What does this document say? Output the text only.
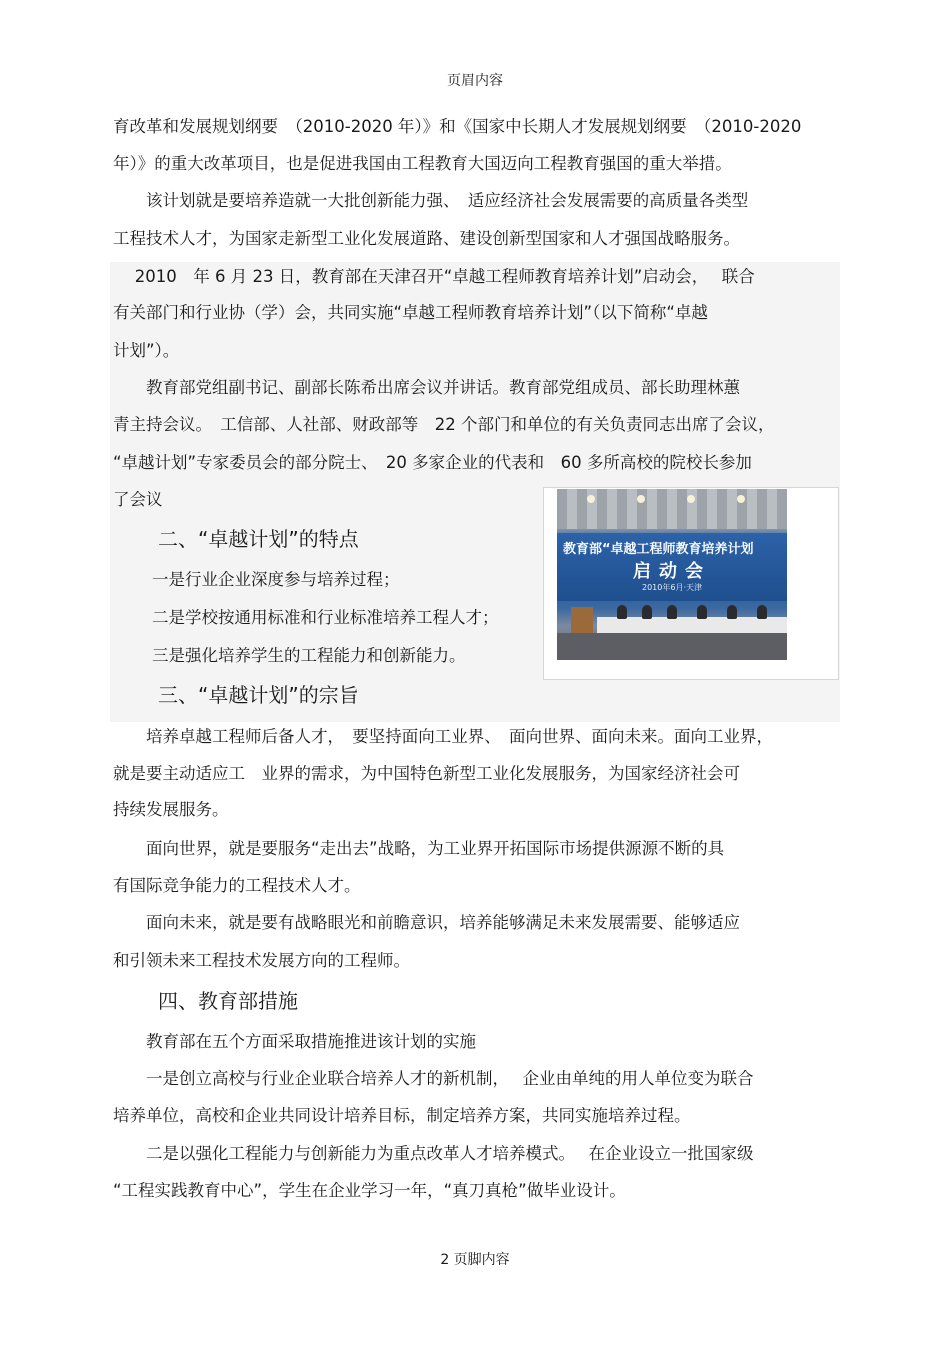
页眉内容
育改革和发展规划纲要　（2010-2020 年）》和《国家中长期人才发展规划纲要　（2010-2020
年）》的重大改革项目，也是促进我国由工程教育大国迈向工程教育强国的重大举措。
　　该计划就是要培养造就一大批创新能力强、　适应经济社会发展需要的高质量各类型
工程技术人才，为国家走新型工业化发展道路、建设创新型国家和人才强国战略服务。
　 2010　年 6 月 23 日，教育部在天津召开“卓越工程师教育培养计划”启动会，　 联合
有关部门和行业协（学）会，共同实施“卓越工程师教育培养计划”（以下简称“卓越
计划”）。
　　教育部党组副书记、副部长陈希出席会议并讲话。教育部党组成员、部长助理林蕙
青主持会议。　工信部、人社部、财政部等　22 个部门和单位的有关负责同志出席了会议，
“卓越计划”专家委员会的部分院士、　20 多家企业的代表和　60 多所高校的院校长参加
了会议
二、“卓越计划”的特点
一是行业企业深度参与培养过程；
二是学校按通用标准和行业标准培养工程人才；
三是强化培养学生的工程能力和创新能力。
三、“卓越计划”的宗旨
　　培养卓越工程师后备人才，　要坚持面向工业界、　面向世界、面向未来。面向工业界，
就是要主动适应工　业界的需求，为中国特色新型工业化发展服务，为国家经济社会可
持续发展服务。
　　面向世界，就是要服务“走出去”战略，为工业界开拓国际市场提供源源不断的具
有国际竞争能力的工程技术人才。
　　面向未来，就是要有战略眼光和前瞻意识，培养能够满足未来发展需要、能够适应
和引领未来工程技术发展方向的工程师。
四、教育部措施
　　教育部在五个方面采取措施推进该计划的实施
　　一是创立高校与行业企业联合培养人才的新机制，　 企业由单纯的用人单位变为联合
培养单位，高校和企业共同设计培养目标，制定培养方案，共同实施培养过程。
　　二是以强化工程能力与创新能力为重点改革人才培养模式。　 在企业设立一批国家级
“工程实践教育中心”，学生在企业学习一年，“真刀真枪”做毕业设计。
教育部“卓越工程师教育培养计划
启动会
2010年6月·天津
2 页脚内容
